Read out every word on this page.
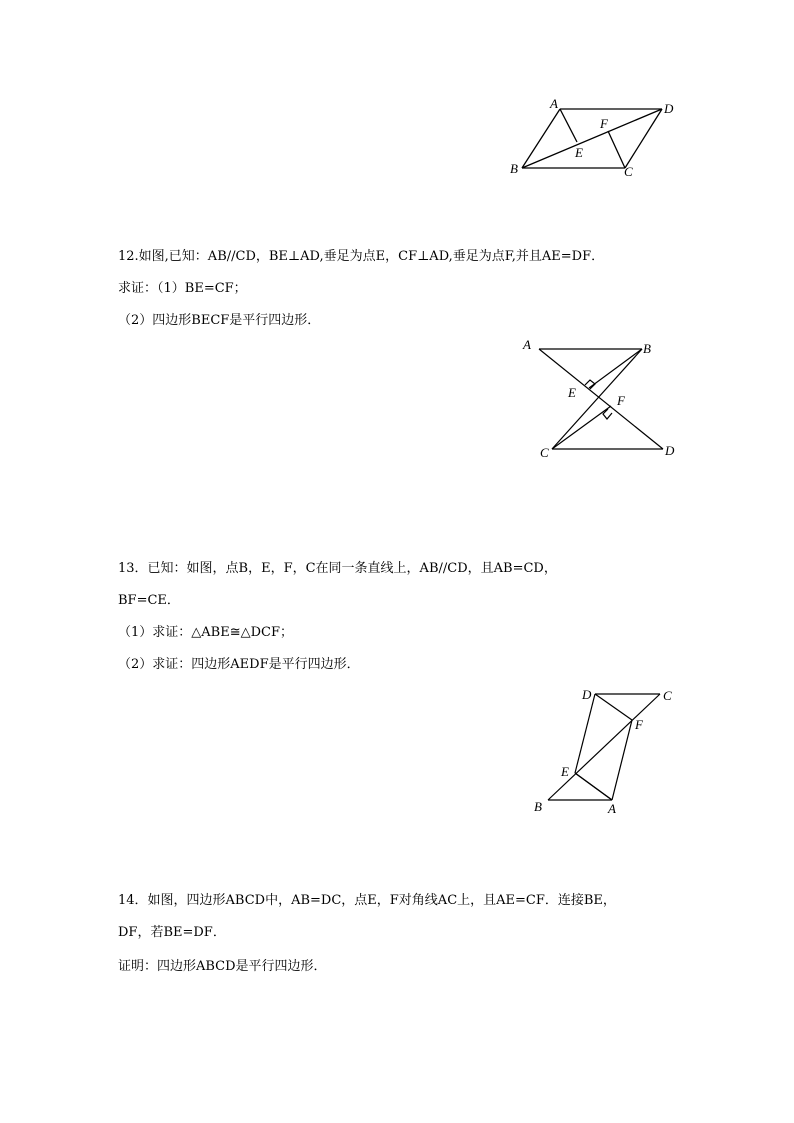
A	D
F
E
B	C
12.如图,已知：AB//CD，BE⊥AD,垂足为点E，CF⊥AD,垂足为点F,并且AE=DF．
求证：（1）BE=CF；
（2）四边形BECF是平行四边形．
A	B
E
F
C	D
13．已知：如图，点B，E，F，C在同一条直线上，AB//CD，且AB=CD，
BF=CE．
（1）求证：△ABE≅△DCF；
（2）求证：四边形AEDF是平行四边形．
D	C
F
E
B	A
14．如图，四边形ABCD中，AB=DC，点E，F对角线AC上，且AE=CF．连接BE，
DF，若BE=DF．
证明：四边形ABCD是平行四边形．
